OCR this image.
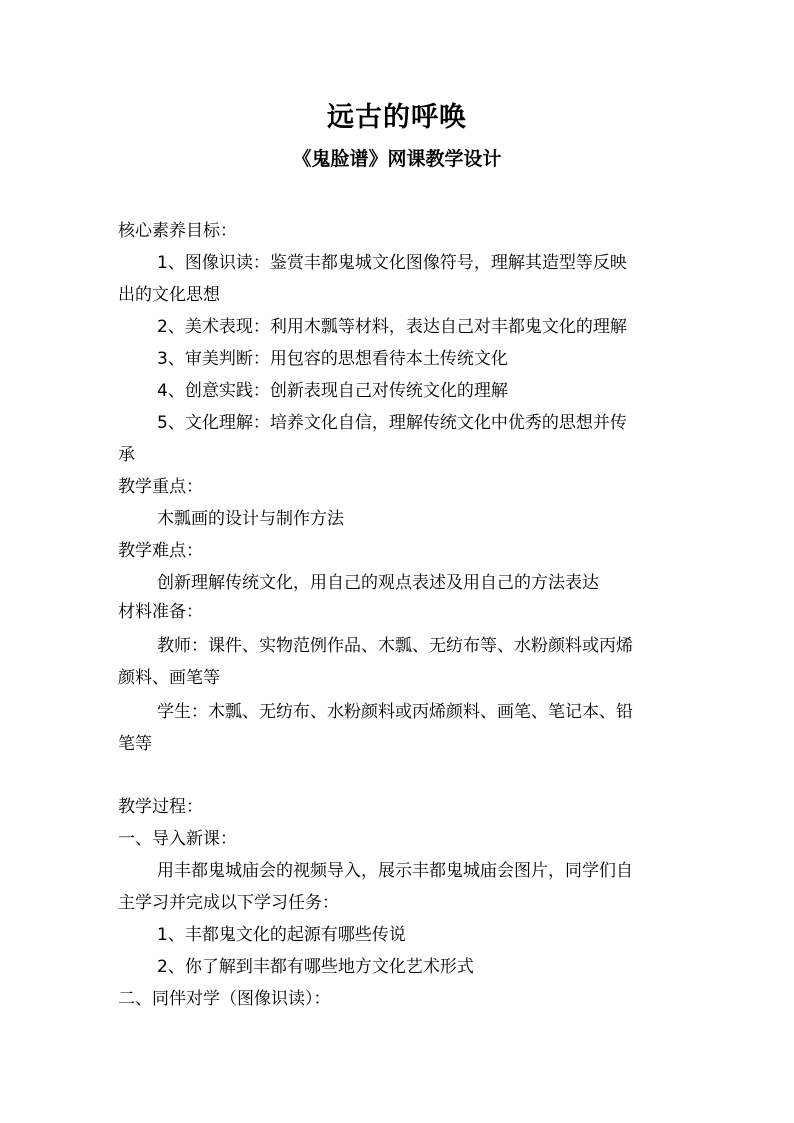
远古的呼唤
《鬼脸谱》网课教学设计
核心素养目标：
1、图像识读：鉴赏丰都鬼城文化图像符号，理解其造型等反映
出的文化思想
2、美术表现：利用木瓢等材料，表达自己对丰都鬼文化的理解
3、审美判断：用包容的思想看待本土传统文化
4、创意实践：创新表现自己对传统文化的理解
5、文化理解：培养文化自信，理解传统文化中优秀的思想并传
承
教学重点：
木瓢画的设计与制作方法
教学难点：
创新理解传统文化，用自己的观点表述及用自己的方法表达
材料准备：
教师：课件、实物范例作品、木瓢、无纺布等、水粉颜料或丙烯
颜料、画笔等
学生：木瓢、无纺布、水粉颜料或丙烯颜料、画笔、笔记本、铅
笔等
教学过程：
一、导入新课：
用丰都鬼城庙会的视频导入，展示丰都鬼城庙会图片，同学们自
主学习并完成以下学习任务：
1、丰都鬼文化的起源有哪些传说
2、你了解到丰都有哪些地方文化艺术形式
二、同伴对学（图像识读）：
